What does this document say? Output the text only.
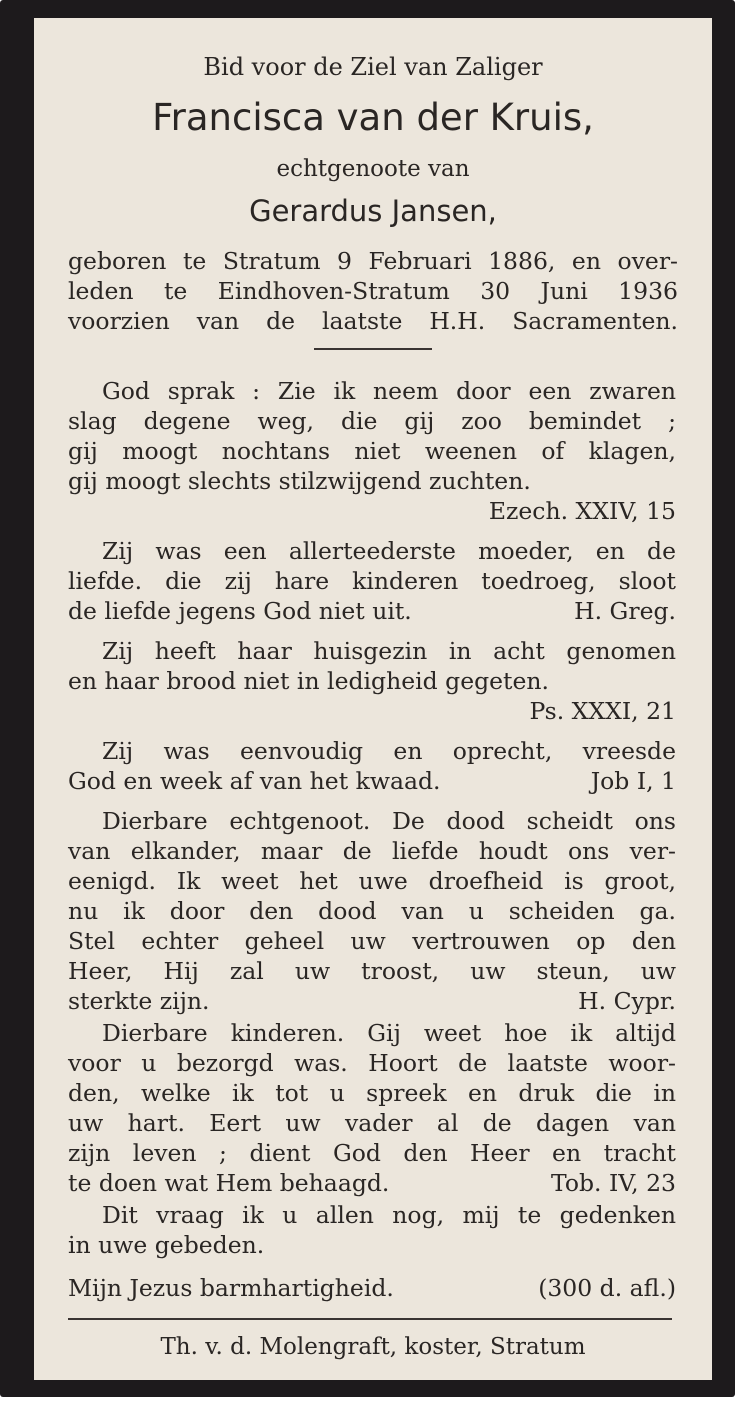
Bid voor de Ziel van Zaliger

Francisca van der Kruis,

echtgenoote van

Gerardus Jansen,

geboren te Stratum 9 Februari 1886, en over-

leden te Eindhoven-Stratum 30 Juni 1936

voorzien van de laatste H.H. Sacramenten.

God sprak : Zie ik neem door een zwaren

slag degene weg, die gij zoo bemindet ;

gij moogt nochtans niet weenen of klagen,

gij moogt slechts stilzwijgend zuchten.

Ezech. XXIV, 15

Zij was een allerteederste moeder, en de

liefde. die zij hare kinderen toedroeg, sloot

de liefde jegens God niet uit.	H. Greg.

Zij heeft haar huisgezin in acht genomen

en haar brood niet in ledigheid gegeten.

Ps. XXXI, 21

Zij was eenvoudig en oprecht, vreesde

God en week af van het kwaad.	Job I, 1

Dierbare echtgenoot. De dood scheidt ons

van elkander, maar de liefde houdt ons ver-

eenigd. Ik weet het uwe droefheid is groot,

nu ik door den dood van u scheiden ga.

Stel echter geheel uw vertrouwen op den

Heer, Hij zal uw troost, uw steun, uw

sterkte zijn.	H. Cypr.

Dierbare kinderen. Gij weet hoe ik altijd

voor u bezorgd was. Hoort de laatste woor-

den, welke ik tot u spreek en druk die in

uw hart. Eert uw vader al de dagen van

zijn leven ; dient God den Heer en tracht

te doen wat Hem behaagd.	Tob. IV, 23

Dit vraag ik u allen nog, mij te gedenken

in uwe gebeden.

Mijn Jezus barmhartigheid.	(300 d. afl.)

Th. v. d. Molengraft, koster, Stratum
